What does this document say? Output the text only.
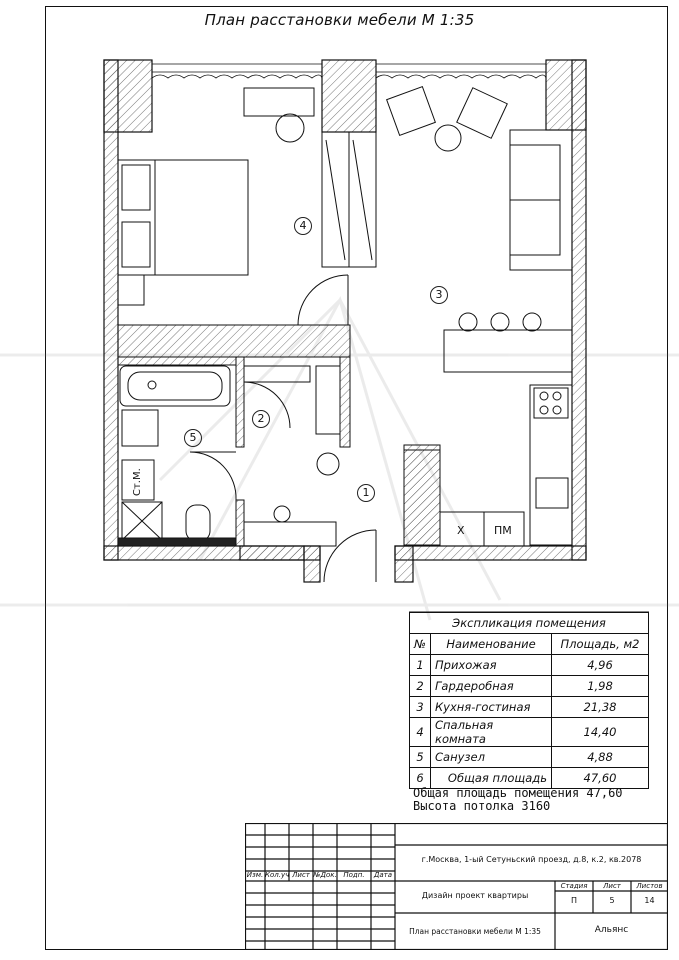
План расстановки мебели М 1:35
1
2
3
4
5
Ст.М.
Х	ПМ
Экспликация помещения		
№	Наименование	Площадь, м2
1	Прихожая	4,96
2	Гардеробная	1,98
3	Кухня-гостиная	21,38
4	Спальная комната	14,40
5	Санузел	4,88
6	Общая площадь	47,60
Общая площадь помещения 47,60
Высота потолка 3160
Изм. Кол.уч Лист №Док. Подп.	Дата
г.Москва, 1-ый Сетуньский проезд, д.8, к.2, кв.2078
Дизайн проект квартиры
Стадия	Лист	Листов
П	5	14
План расстановки мебели М 1:35	Альянс
